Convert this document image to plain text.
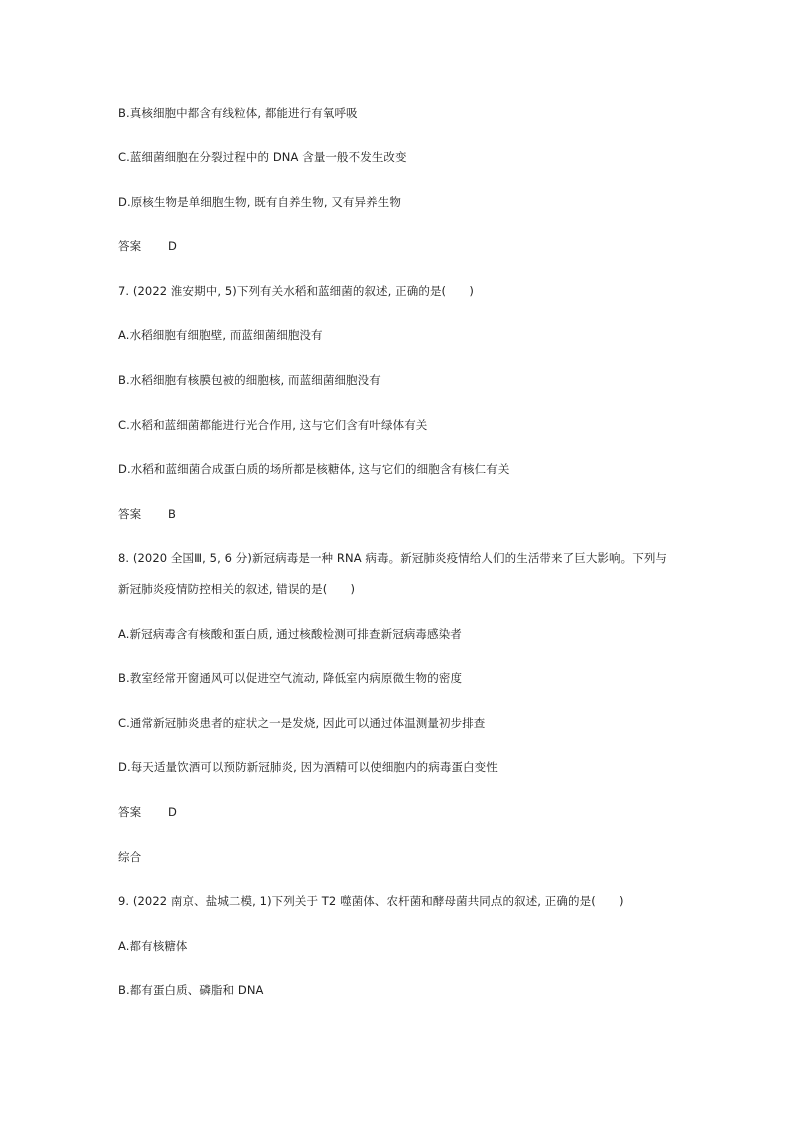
B.真核细胞中都含有线粒体, 都能进行有氧呼吸
C.蓝细菌细胞在分裂过程中的 DNA 含量一般不发生改变
D.原核生物是单细胞生物, 既有自养生物, 又有异养生物
答案 D
7. (2022 淮安期中, 5)下列有关水稻和蓝细菌的叙述, 正确的是(　　)
A.水稻细胞有细胞壁, 而蓝细菌细胞没有
B.水稻细胞有核膜包被的细胞核, 而蓝细菌细胞没有
C.水稻和蓝细菌都能进行光合作用, 这与它们含有叶绿体有关
D.水稻和蓝细菌合成蛋白质的场所都是核糖体, 这与它们的细胞含有核仁有关
答案 B
8. (2020 全国Ⅲ, 5, 6 分)新冠病毒是一种 RNA 病毒。新冠肺炎疫情给人们的生活带来了巨大影响。下列与
新冠肺炎疫情防控相关的叙述, 错误的是(　　)
A.新冠病毒含有核酸和蛋白质, 通过核酸检测可排查新冠病毒感染者
B.教室经常开窗通风可以促进空气流动, 降低室内病原微生物的密度
C.通常新冠肺炎患者的症状之一是发烧, 因此可以通过体温测量初步排查
D.每天适量饮酒可以预防新冠肺炎, 因为酒精可以使细胞内的病毒蛋白变性
答案 D
综合
9. (2022 南京、盐城二模, 1)下列关于 T2 噬菌体、农杆菌和酵母菌共同点的叙述, 正确的是(　　)
A.都有核糖体
B.都有蛋白质、磷脂和 DNA
